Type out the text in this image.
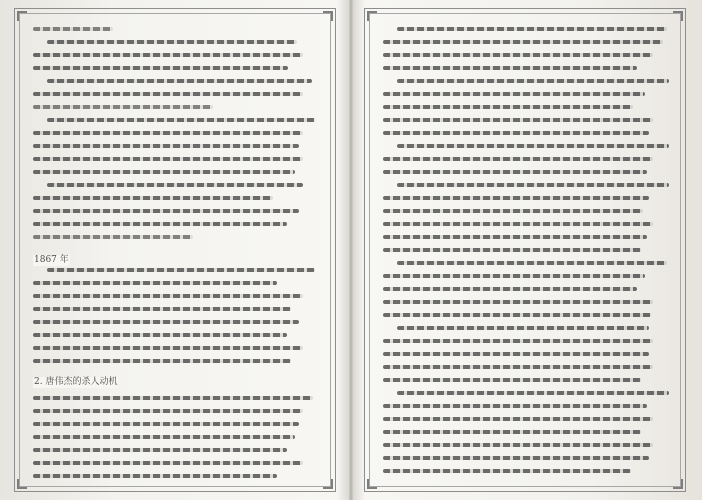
1867 年
2. 唐伟杰的杀人动机
